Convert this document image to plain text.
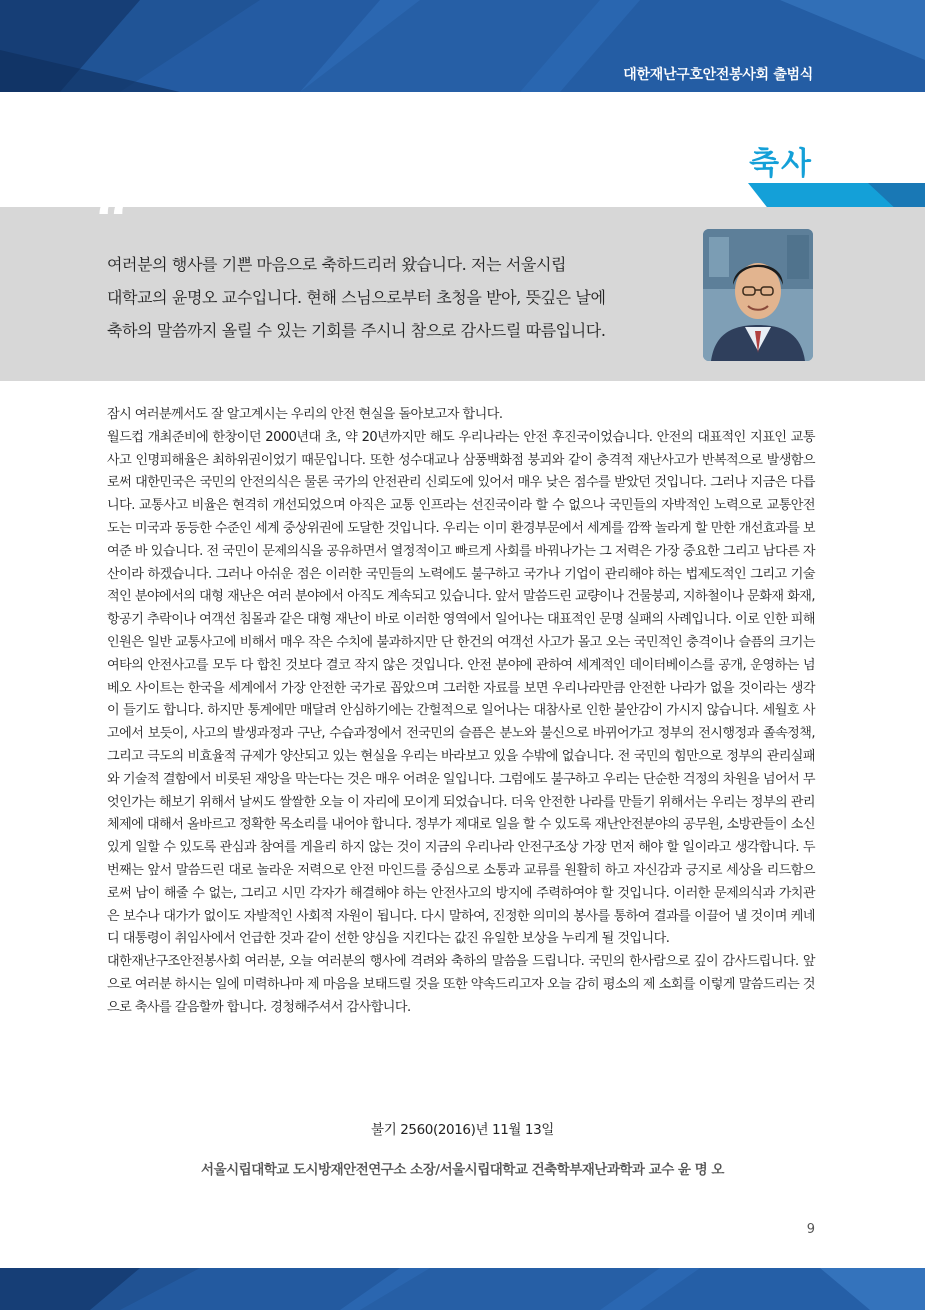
대한재난구호안전봉사회 출범식
축사
“
여러분의 행사를 기쁜 마음으로 축하드리러 왔습니다. 저는 서울시립
대학교의 윤명오 교수입니다. 현해 스님으로부터 초청을 받아, 뜻깊은 날에
축하의 말씀까지 올릴 수 있는 기회를 주시니 참으로 감사드릴 따름입니다.

잠시 여러분께서도 잘 알고계시는 우리의 안전 현실을 돌아보고자 합니다.

월드컵 개최준비에 한창이던 2000년대 초, 약 20년까지만 해도 우리나라는 안전 후진국이었습니다. 안전의 대표적인 지표인 교통사고 인명피해율은 최하위권이었기 때문입니다. 또한 성수대교나 삼풍백화점 붕괴와 같이 충격적 재난사고가 반복적으로 발생함으로써 대한민국은 국민의 안전의식은 물론 국가의 안전관리 신뢰도에 있어서 매우 낮은 점수를 받았던 것입니다. 그러나 지금은 다릅니다. 교통사고 비율은 현격히 개선되었으며 아직은 교통 인프라는 선진국이라 할 수 없으나 국민들의 자박적인 노력으로 교통안전도는 미국과 동등한 수준인 세계 중상위권에 도달한 것입니다. 우리는 이미 환경부문에서 세계를 깜짝 놀라게 할 만한 개선효과를 보여준 바 있습니다. 전 국민이 문제의식을 공유하면서 열정적이고 빠르게 사회를 바꿔나가는 그 저력은 가장 중요한 그리고 남다른 자산이라 하겠습니다. 그러나 아쉬운 점은 이러한 국민들의 노력에도 불구하고 국가나 기업이 관리해야 하는 법제도적인 그리고 기술적인 분야에서의 대형 재난은 여러 분야에서 아직도 계속되고 있습니다. 앞서 말씀드린 교량이나 건물붕괴, 지하철이나 문화재 화재, 항공기 추락이나 여객선 침몰과 같은 대형 재난이 바로 이러한 영역에서 일어나는 대표적인 문명 실패의 사례입니다. 이로 인한 피해인원은 일반 교통사고에 비해서 매우 작은 수치에 불과하지만 단 한건의 여객선 사고가 몰고 오는 국민적인 충격이나 슬픔의 크기는 여타의 안전사고를 모두 다 합친 것보다 결코 작지 않은 것입니다. 안전 분야에 관하여 세계적인 데이터베이스를 공개, 운영하는 넘베오 사이트는 한국을 세계에서 가장 안전한 국가로 꼽았으며 그러한 자료를 보면 우리나라만큼 안전한 나라가 없을 것이라는 생각이 들기도 합니다. 하지만 통계에만 매달려 안심하기에는 간헐적으로 일어나는 대참사로 인한 불안감이 가시지 않습니다. 세월호 사고에서 보듯이, 사고의 발생과정과 구난, 수습과정에서 전국민의 슬픔은 분노와 불신으로 바뀌어가고 정부의 전시행정과 졸속정책, 그리고 극도의 비효율적 규제가 양산되고 있는 현실을 우리는 바라보고 있을 수밖에 없습니다. 전 국민의 힘만으로 정부의 관리실패와 기술적 결함에서 비롯된 재앙을 막는다는 것은 매우 어려운 일입니다. 그럼에도 불구하고 우리는 단순한 걱정의 차원을 넘어서 무엇인가는 해보기 위해서 날씨도 쌀쌀한 오늘 이 자리에 모이게 되었습니다. 더욱 안전한 나라를 만들기 위해서는 우리는 정부의 관리체제에 대해서 올바르고 정확한 목소리를 내어야 합니다. 정부가 제대로 일을 할 수 있도록 재난안전분야의 공무원, 소방관들이 소신있게 일할 수 있도록 관심과 참여를 게을리 하지 않는 것이 지금의 우리나라 안전구조상 가장 먼저 해야 할 일이라고 생각합니다. 두 번째는 앞서 말씀드린 대로 놀라운 저력으로 안전 마인드를 중심으로 소통과 교류를 원활히 하고 자신감과 긍지로 세상을 리드함으로써 남이 해줄 수 없는, 그리고 시민 각자가 해결해야 하는 안전사고의 방지에 주력하여야 할 것입니다. 이러한 문제의식과 가치관은 보수나 대가가 없이도 자발적인 사회적 자원이 됩니다. 다시 말하여, 진정한 의미의 봉사를 통하여 결과를 이끌어 낼 것이며 케네디 대통령이 취임사에서 언급한 것과 같이 선한 양심을 지킨다는 값진 유일한 보상을 누리게 될 것입니다.

대한재난구조안전봉사회 여러분, 오늘 여러분의 행사에 격려와 축하의 말씀을 드립니다. 국민의 한사람으로 깊이 감사드립니다. 앞으로 여러분 하시는 일에 미력하나마 제 마음을 보태드릴 것을 또한 약속드리고자 오늘 감히 평소의 제 소회를 이렇게 말씀드리는 것으로 축사를 갈음할까 합니다. 경청해주셔서 감사합니다.

불기 2560(2016)년 11월 13일
서울시립대학교 도시방재안전연구소 소장/서울시립대학교 건축학부재난과학과 교수 윤 명 오
9
